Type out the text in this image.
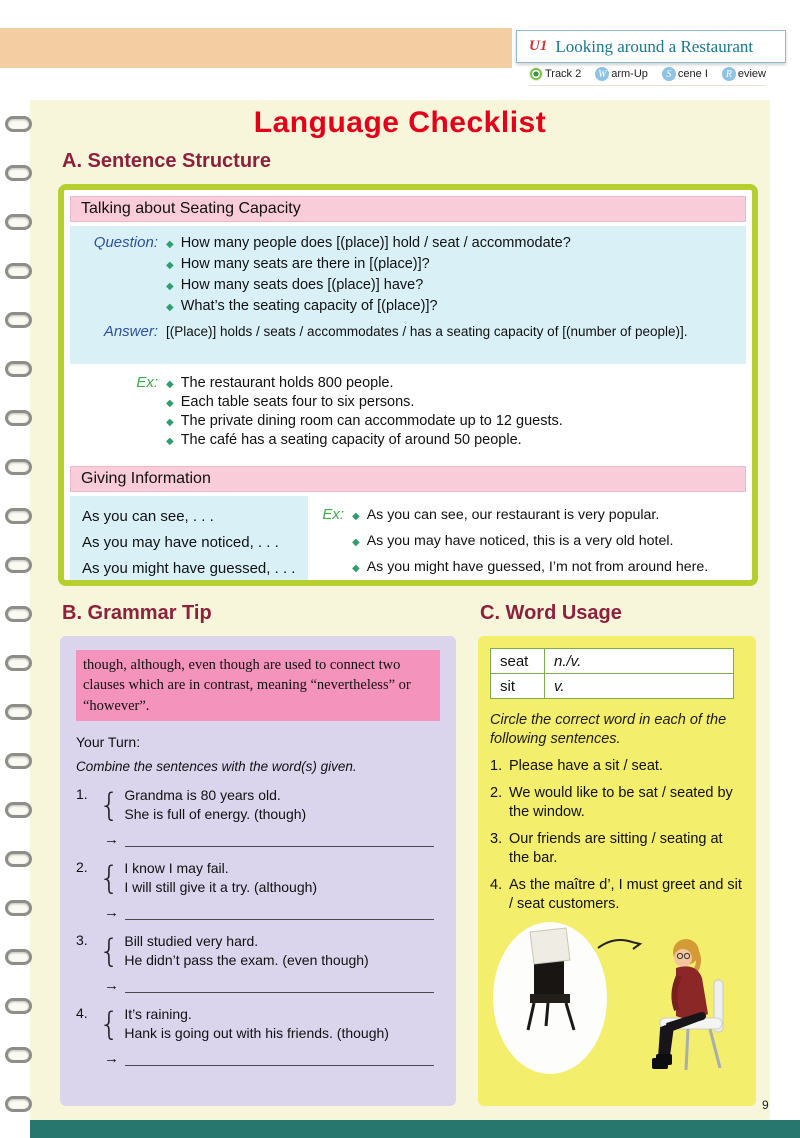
U1 Looking around a Restaurant
Track 2 W arm-Up	S cene I	R eview
Language Checklist
A. Sentence Structure
Talking about Seating Capacity
Question: ◆ How many people does [(place)] hold / seat / accommodate?
◆ How many seats are there in [(place)]?
◆ How many seats does [(place)] have?
◆ What’s the seating capacity of [(place)]?
Answer: [(Place)] holds / seats / accommodates / has a seating capacity of [(number of people)].
Ex: ◆ The restaurant holds 800 people.
◆ Each table seats four to six persons.
◆ The private dining room can accommodate up to 12 guests.
◆ The café has a seating capacity of around 50 people.
Giving Information
As you can see, . . .
As you may have noticed, . . .
As you might have guessed, . . .
Ex: ◆ As you can see, our restaurant is very popular.
◆ As you may have noticed, this is a very old hotel.
◆ As you might have guessed, I’m not from around here.
B. Grammar Tip
though, although, even though are used to connect two clauses which are in contrast, meaning “nevertheless” or “however”.
Your Turn:
Combine the sentences with the word(s) given.
1. { Grandma is 80 years old.
She is full of energy. (though)
→
2. { I know I may fail.
I will still give it a try. (although)
→
3. { Bill studied very hard.
He didn’t pass the exam. (even though)
→
4. { It’s raining.
Hank is going out with his friends. (though)
→
C. Word Usage
seat	n./v.
sit	v.
Circle the correct word in each of the following sentences.
1. Please have a sit / seat.
2. We would like to be sat / seated by the window.
3. Our friends are sitting / seating at the bar.
4. As the maître d’, I must greet and sit / seat customers.
9
